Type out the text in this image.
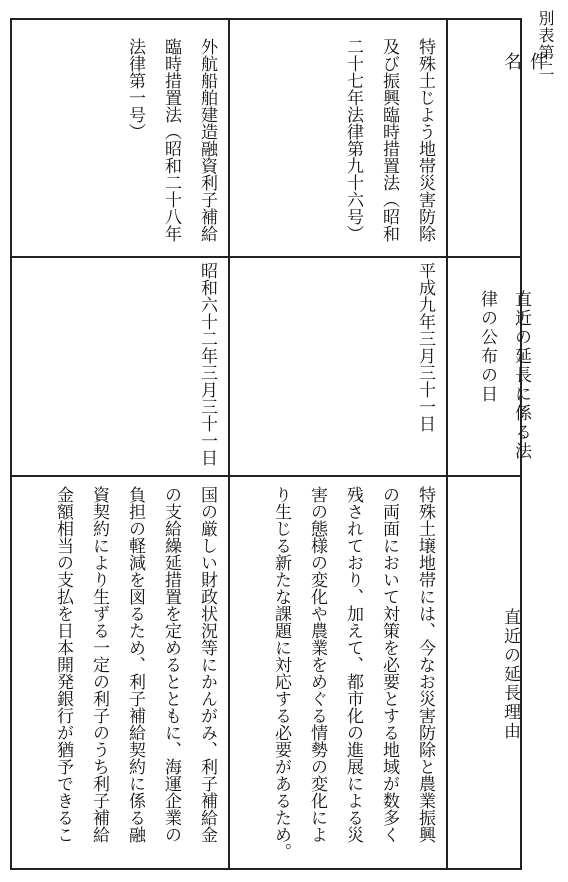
別表第二
件名
直近の延長に係る法律の公布の日
直近の延長理由
特殊土じよう地帯災害防除
及び振興臨時措置法（昭和
二十七年法律第九十六号）
平成九年三月三十一日
特殊土壌地帯には、今なお災害防除と農業振興
の両面において対策を必要とする地域が数多く
残されており、加えて、都市化の進展による災
害の態様の変化や農業をめぐる情勢の変化によ
り生じる新たな課題に対応する必要があるため。
外航船舶建造融資利子補給
臨時措置法（昭和二十八年
法律第一号）
昭和六十二年三月三十一日
国の厳しい財政状況等にかんがみ、利子補給金
の支給繰延措置を定めるとともに、海運企業の
負担の軽減を図るため、利子補給契約に係る融
資契約により生ずる一定の利子のうち利子補給
金額相当の支払を日本開発銀行が猶予できるこ
